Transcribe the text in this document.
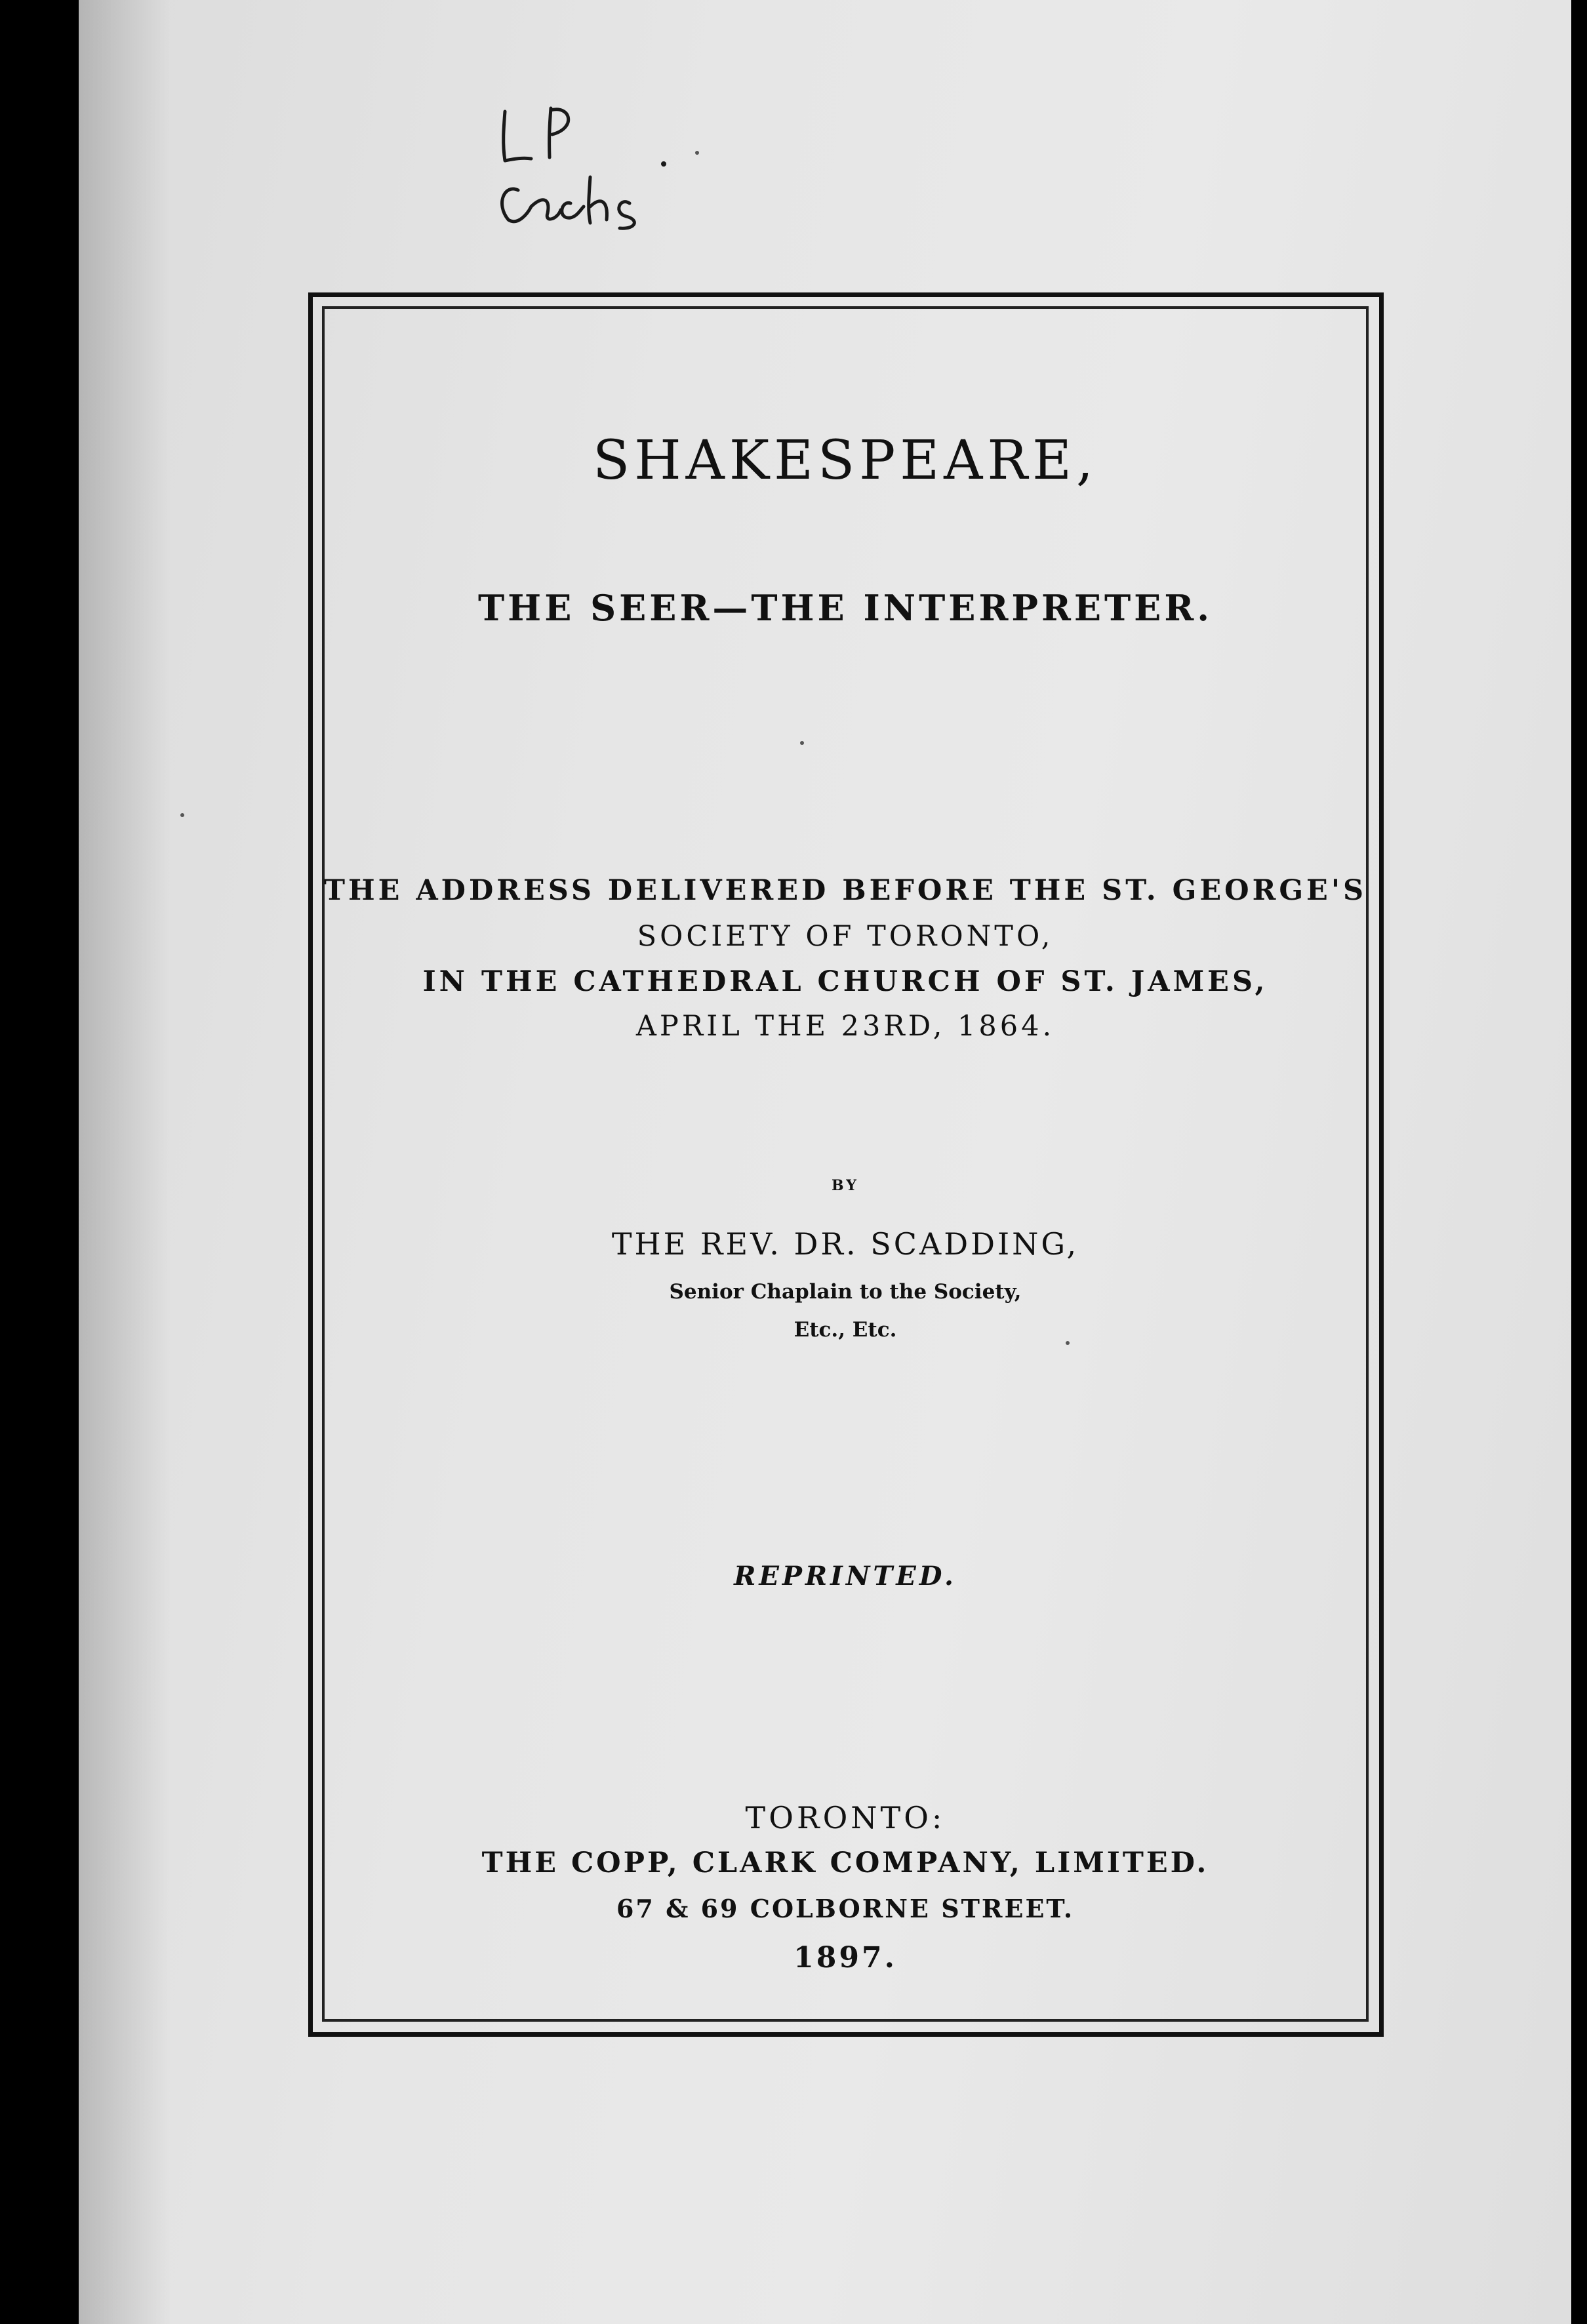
SHAKESPEARE,
THE SEER—THE INTERPRETER.
THE ADDRESS DELIVERED BEFORE THE ST. GEORGE'S
SOCIETY OF TORONTO,
IN THE CATHEDRAL CHURCH OF ST. JAMES,
APRIL THE 23RD, 1864.
BY
THE REV. DR. SCADDING,
Senior Chaplain to the Society,
Etc., Etc.
REPRINTED.
TORONTO:
THE COPP, CLARK COMPANY, LIMITED.
67 & 69 COLBORNE STREET.
1897.
